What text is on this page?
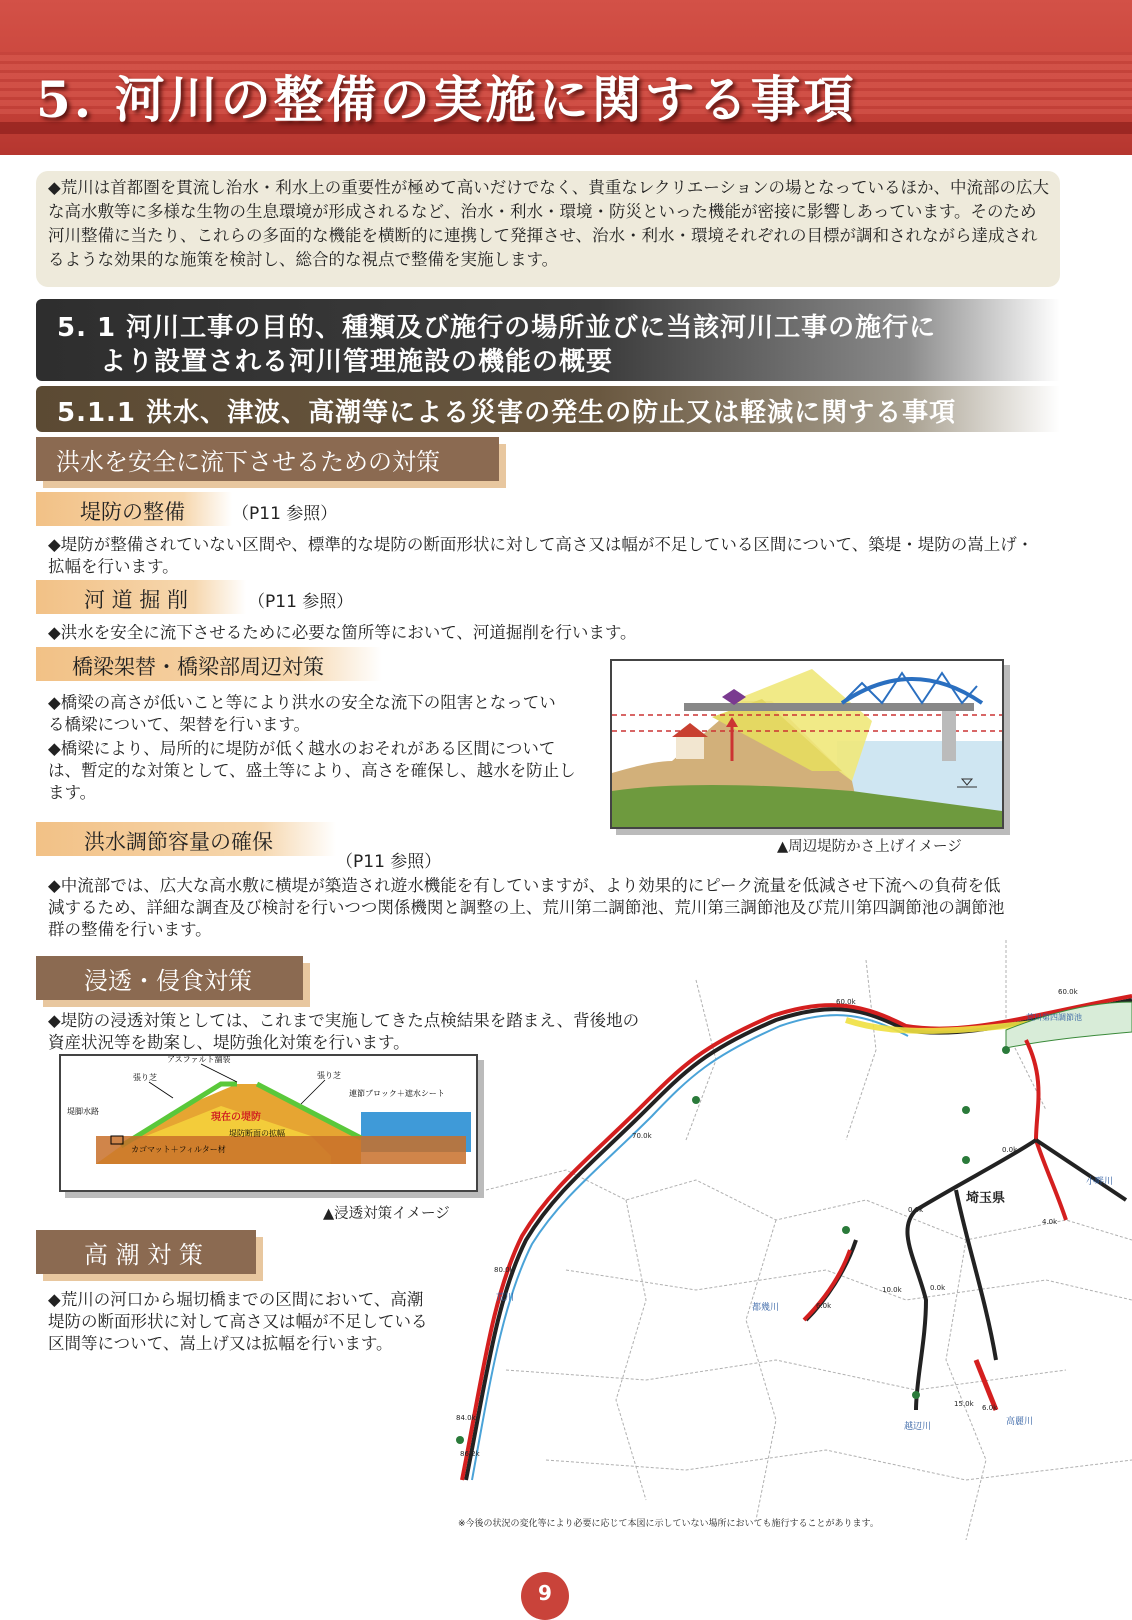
5. 河川の整備の実施に関する事項
◆荒川は首都圏を貫流し治水・利水上の重要性が極めて高いだけでなく、貴重なレクリエーションの場となっているほか、中流部の広大な高水敷等に多様な生物の生息環境が形成されるなど、治水・利水・環境・防災といった機能が密接に影響しあっています。そのため河川整備に当たり、これらの多面的な機能を横断的に連携して発揮させ、治水・利水・環境それぞれの目標が調和されながら達成されるような効果的な施策を検討し、総合的な視点で整備を実施します。
5. 1 河川工事の目的、種類及び施行の場所並びに当該河川工事の施行に
より設置される河川管理施設の機能の概要
5.1.1 洪水、津波、高潮等による災害の発生の防止又は軽減に関する事項
洪水を安全に流下させるための対策
堤防の整備	（P11 参照）
◆堤防が整備されていない区間や、標準的な堤防の断面形状に対して高さ又は幅が不足している区間について、築堤・堤防の嵩上げ・拡幅を行います。
河 道 掘 削	（P11 参照）
◆洪水を安全に流下させるために必要な箇所等において、河道掘削を行います。
橋梁架替・橋梁部周辺対策
◆橋梁の高さが低いこと等により洪水の安全な流下の阻害となっている橋梁について、架替を行います。
◆橋梁により、局所的に堤防が低く越水のおそれがある区間については、暫定的な対策として、盛土等により、高さを確保し、越水を防止します。
▲周辺堤防かさ上げイメージ
洪水調節容量の確保
（P11 参照）
◆中流部では、広大な高水敷に横堤が築造され遊水機能を有していますが、より効果的にピーク流量を低減させ下流への負荷を低減するため、詳細な調査及び検討を行いつつ関係機関と調整の上、荒川第二調節池、荒川第三調節池及び荒川第四調節池の調節池群の整備を行います。
浸透・侵食対策
◆堤防の浸透対策としては、これまで実施してきた点検結果を踏まえ、背後地の資産状況等を勘案し、堤防強化対策を行います。
アスファルト舗装
張り芝	張り芝
連節ブロック＋遮水シート
堤脚水路
現在の堤防
堤防断面の拡幅
カゴマット＋フィルター材
▲浸透対策イメージ
高 潮 対 策
◆荒川の河口から堀切橋までの区間において、高潮堤防の断面形状に対して高さ又は幅が不足している区間等について、嵩上げ又は拡幅を行います。
60.0k
60.0k
70.0k
80.0k
84.0k
86.2k
0.0k
0.0k
0.0k
4.0k
6.0k
6.0k
10.0k
15.0k
荒川
都幾川
越辺川	高麗川
小畔川
埼玉県
荒川第四調節池
※今後の状況の変化等により必要に応じて本図に示していない場所においても施行することがあります。
9
